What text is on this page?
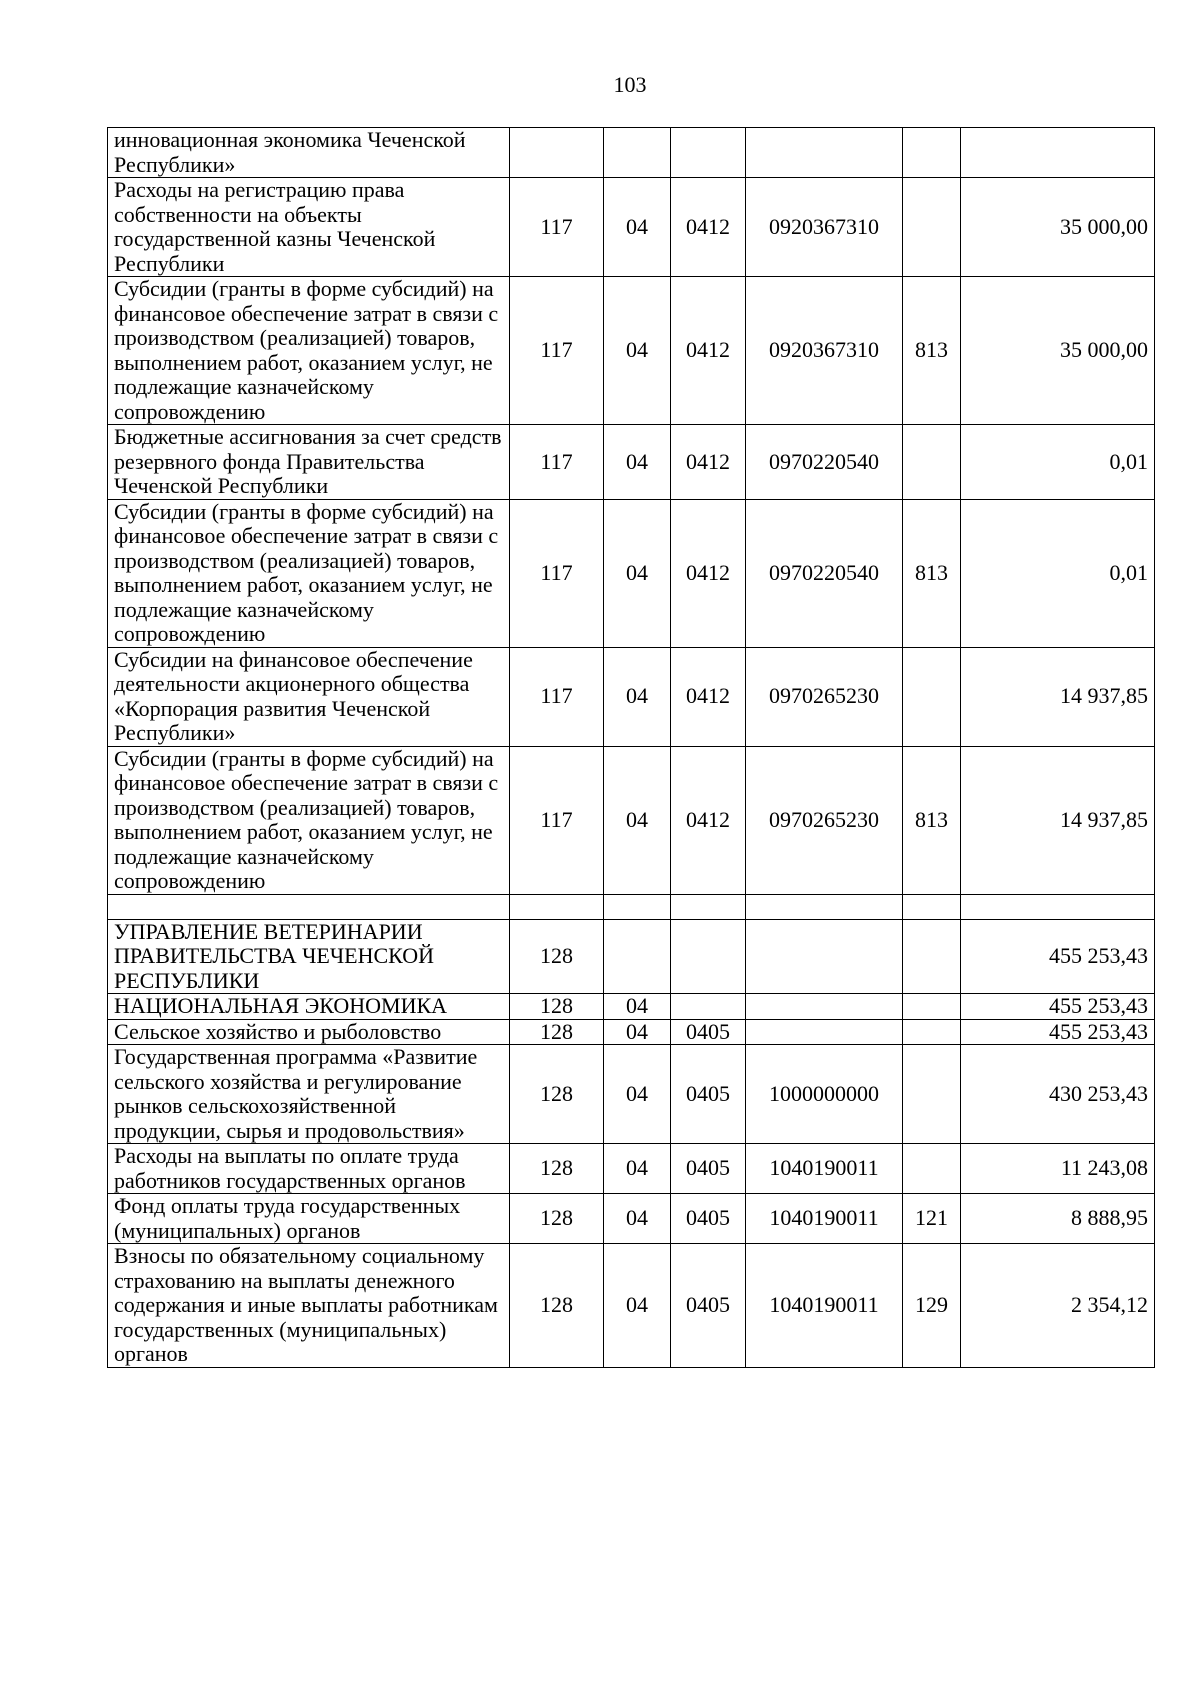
103
инновационная экономика Чеченской Республики»						
Расходы на регистрацию права собственности на объекты государственной казны Чеченской Республики	117	04	0412	0920367310		35 000,00
Субсидии (гранты в форме субсидий) на финансовое обеспечение затрат в связи с производством (реализацией) товаров, выполнением работ, оказанием услуг, не подлежащие казначейскому сопровождению	117	04	0412	0920367310	813	35 000,00
Бюджетные ассигнования за счет средств резервного фонда Правительства Чеченской Республики	117	04	0412	0970220540		0,01
Субсидии (гранты в форме субсидий) на финансовое обеспечение затрат в связи с производством (реализацией) товаров, выполнением работ, оказанием услуг, не подлежащие казначейскому сопровождению	117	04	0412	0970220540	813	0,01
Субсидии на финансовое обеспечение деятельности акционерного общества «Корпорация развития Чеченской Республики»	117	04	0412	0970265230		14 937,85
Субсидии (гранты в форме субсидий) на финансовое обеспечение затрат в связи с производством (реализацией) товаров, выполнением работ, оказанием услуг, не подлежащие казначейскому сопровождению	117	04	0412	0970265230	813	14 937,85

УПРАВЛЕНИЕ ВЕТЕРИНАРИИ ПРАВИТЕЛЬСТВА ЧЕЧЕНСКОЙ РЕСПУБЛИКИ	128					455 253,43
НАЦИОНАЛЬНАЯ ЭКОНОМИКА	128	04				455 253,43
Сельское хозяйство и рыболовство	128	04	0405			455 253,43
Государственная программа «Развитие сельского хозяйства и регулирование рынков сельскохозяйственной продукции, сырья и продовольствия»	128	04	0405	1000000000		430 253,43
Расходы на выплаты по оплате труда работников государственных органов	128	04	0405	1040190011		11 243,08
Фонд оплаты труда государственных (муниципальных) органов	128	04	0405	1040190011	121	8 888,95
Взносы по обязательному социальному страхованию на выплаты денежного содержания и иные выплаты работникам государственных (муниципальных) органов	128	04	0405	1040190011	129	2 354,12
